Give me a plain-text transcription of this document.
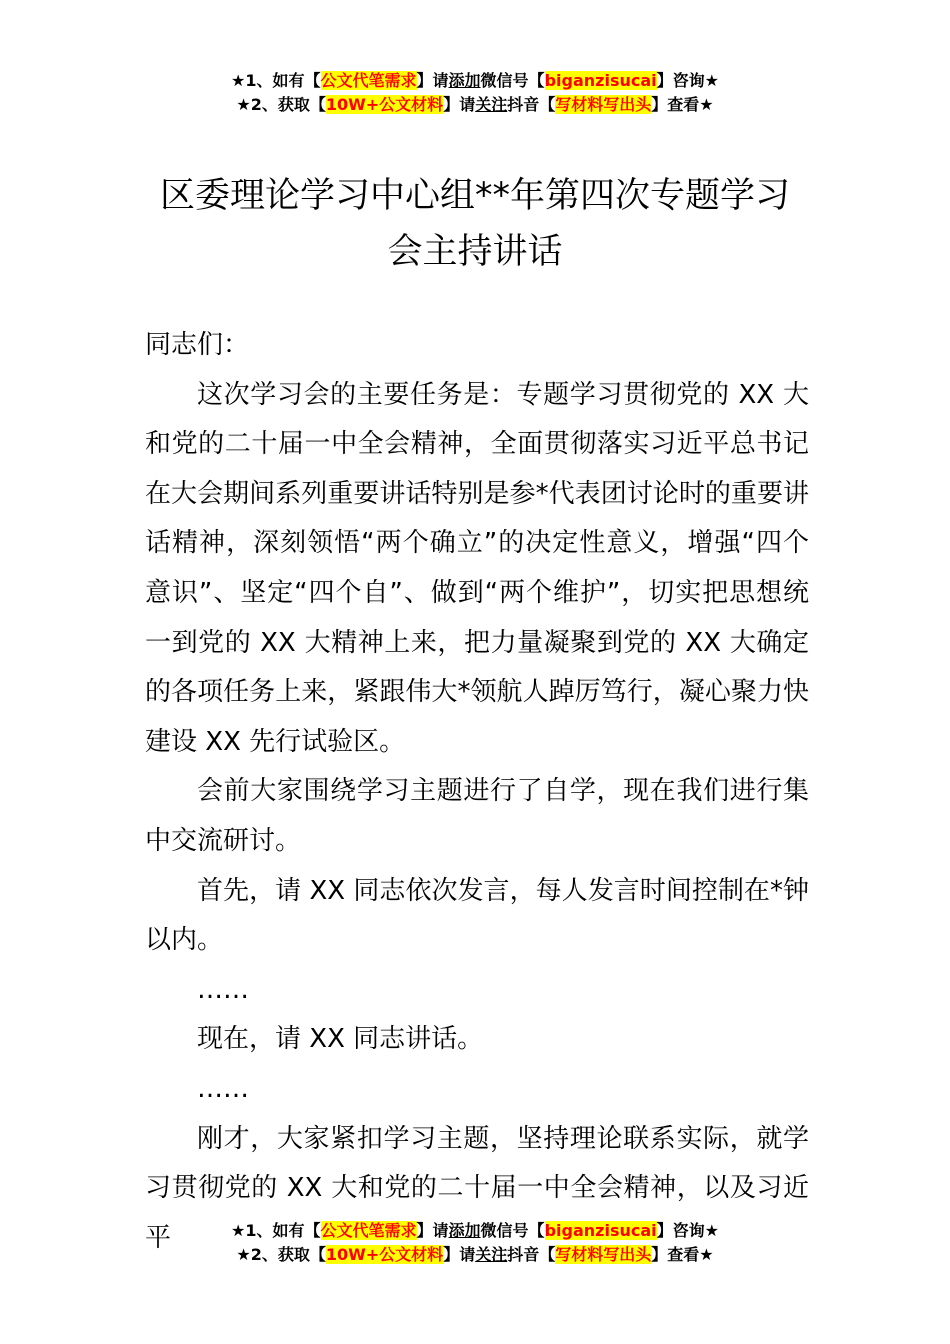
★1、如有【公文代笔需求】请添加微信号【biganzisucai】咨询★
★2、获取【10W+公文材料】请关注抖音【写材料写出头】查看★
区委理论学习中心组**年第四次专题学习
会主持讲话

同志们：

这次学习会的主要任务是：专题学习贯彻党的 XX 大和党的二十届一中全会精神，全面贯彻落实习近平总书记在大会期间系列重要讲话特别是参*代表团讨论时的重要讲话精神，深刻领悟“两个确立”的决定性意义，增强“四个意识”、坚定“四个自”、做到“两个维护”，切实把思想统一到党的 XX 大精神上来，把力量凝聚到党的 XX 大确定的各项任务上来，紧跟伟大*领航人踔厉笃行，凝心聚力快建设 XX 先行试验区。

会前大家围绕学习主题进行了自学，现在我们进行集中交流研讨。

首先，请 XX 同志依次发言，每人发言时间控制在*钟以内。

……

现在，请 XX 同志讲话。

……

刚才，大家紧扣学习主题，坚持理论联系实际，就学习贯彻党的 XX 大和党的二十届一中全会精神，以及习近平	★1、如有【公文代笔需求】请添加微信号【biganzisucai】咨询★
★2、获取【10W+公文材料】请关注抖音【写材料写出头】查看★
